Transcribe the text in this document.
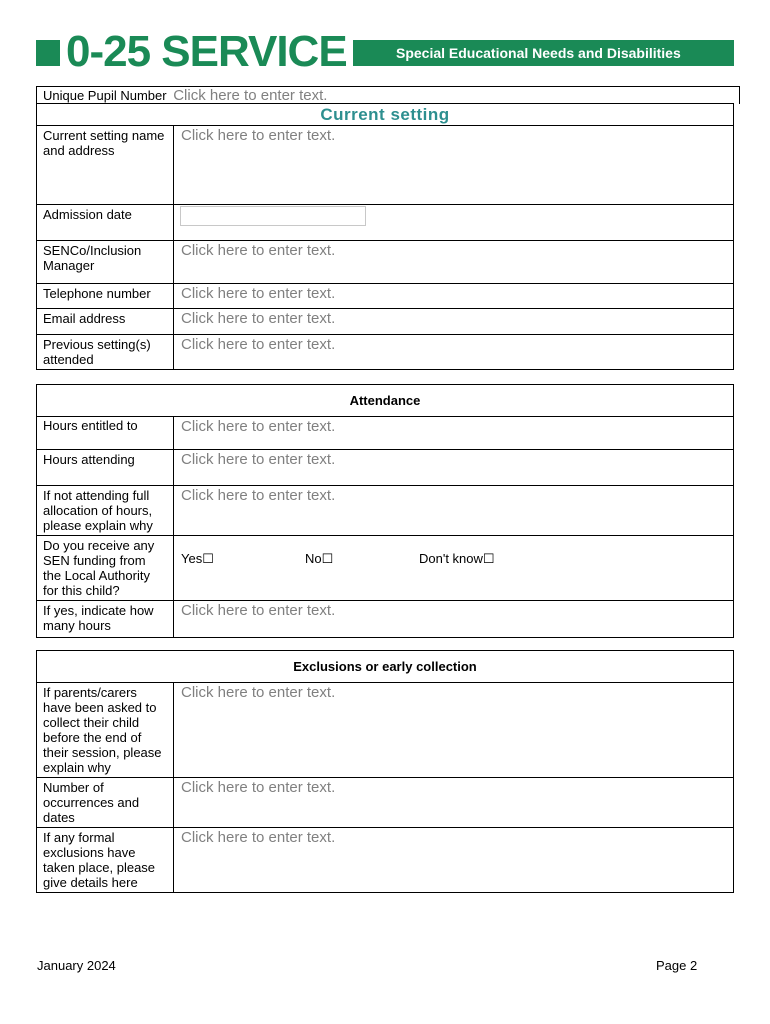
0-25 SERVICE	Special Educational Needs and Disabilities
Unique Pupil Number Click here to enter text.
Current setting	
Current setting name and address	Click here to enter text.
Admission date	
SENCo/Inclusion Manager	Click here to enter text.
Telephone number	Click here to enter text.
Email address	Click here to enter text.
Previous setting(s) attended	Click here to enter text.
Attendance	
Hours entitled to	Click here to enter text.
Hours attending	Click here to enter text.
If not attending full allocation of hours, please explain why	Click here to enter text.
Do you receive any SEN funding from the Local Authority for this child?	Yes☐ No☐ Don't know☐

If yes, indicate how many hours	Click here to enter text.
Exclusions or early collection	
If parents/carers have been asked to collect their child before the end of their session, please explain why	Click here to enter text.
Number of occurrences and dates	Click here to enter text.
If any formal exclusions have taken place, please give details here	Click here to enter text.
January 2024	Page 2
